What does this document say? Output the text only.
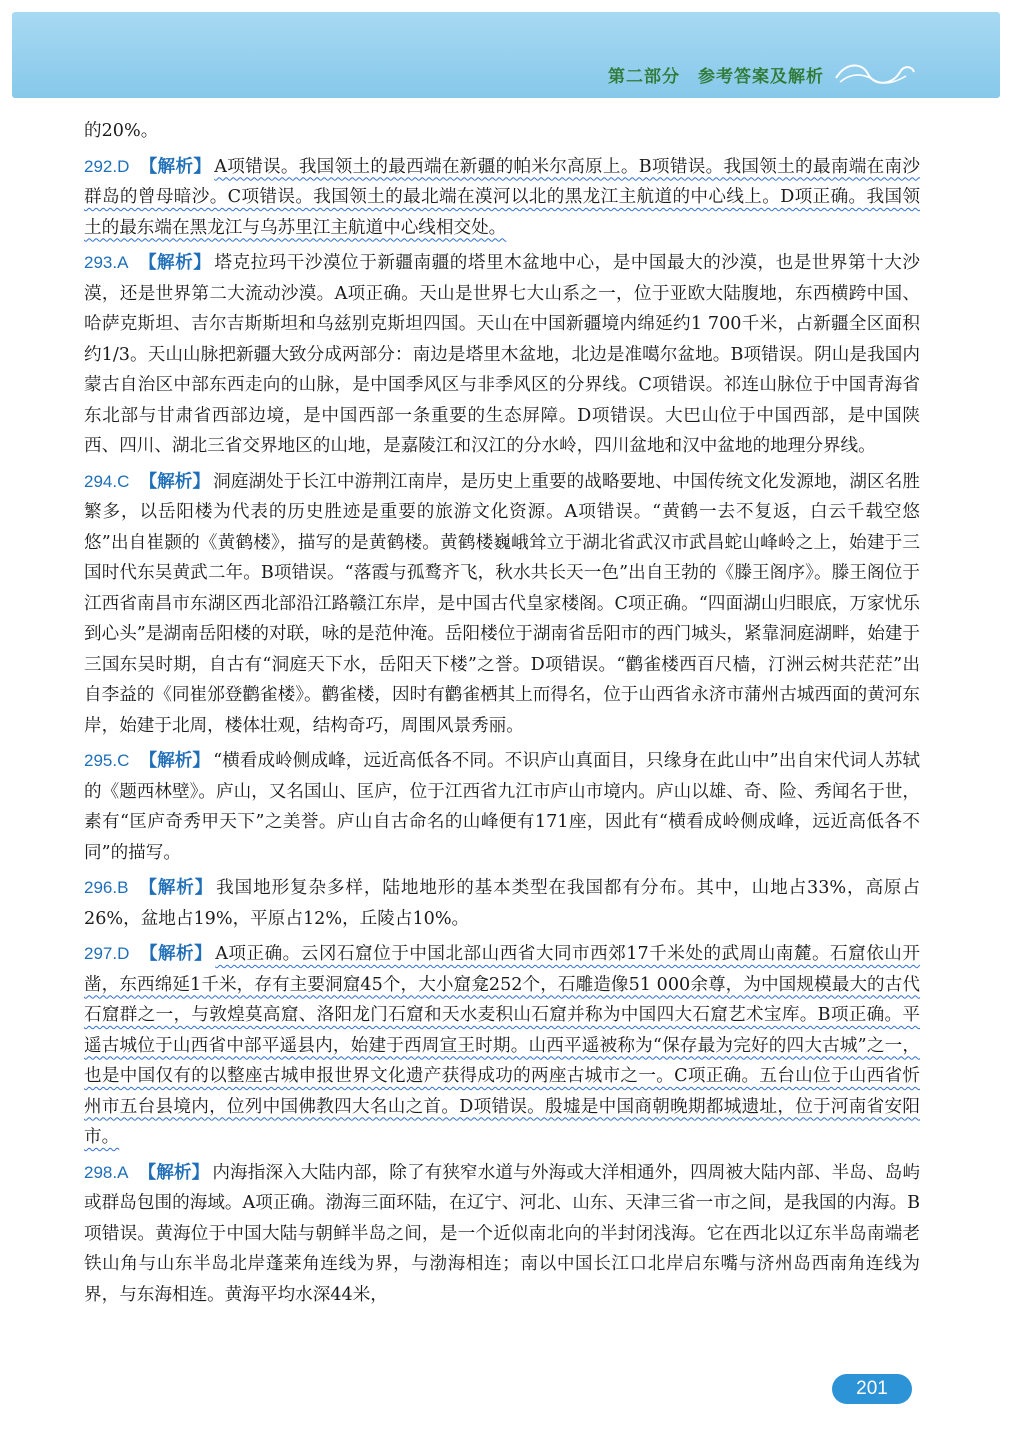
第二部分　参考答案及解析
的20%。
292.D 【解析】 A项错误。我国领土的最西端在新疆的帕米尔高原上。B项错误。我国领土的最南端在南沙群岛的曾母暗沙。C项错误。我国领土的最北端在漠河以北的黑龙江主航道的中心线上。D项正确。我国领土的最东端在黑龙江与乌苏里江主航道中心线相交处。
293.A 【解析】 塔克拉玛干沙漠位于新疆南疆的塔里木盆地中心，是中国最大的沙漠，也是世界第十大沙漠，还是世界第二大流动沙漠。A项正确。天山是世界七大山系之一，位于亚欧大陆腹地，东西横跨中国、哈萨克斯坦、吉尔吉斯斯坦和乌兹别克斯坦四国。天山在中国新疆境内绵延约1 700千米，占新疆全区面积约1/3。天山山脉把新疆大致分成两部分：南边是塔里木盆地，北边是准噶尔盆地。B项错误。阴山是我国内蒙古自治区中部东西走向的山脉，是中国季风区与非季风区的分界线。C项错误。祁连山脉位于中国青海省东北部与甘肃省西部边境，是中国西部一条重要的生态屏障。D项错误。大巴山位于中国西部，是中国陕西、四川、湖北三省交界地区的山地，是嘉陵江和汉江的分水岭，四川盆地和汉中盆地的地理分界线。
294.C 【解析】 洞庭湖处于长江中游荆江南岸，是历史上重要的战略要地、中国传统文化发源地，湖区名胜繁多，以岳阳楼为代表的历史胜迹是重要的旅游文化资源。A项错误。“黄鹤一去不复返，白云千载空悠悠”出自崔颢的《黄鹤楼》，描写的是黄鹤楼。黄鹤楼巍峨耸立于湖北省武汉市武昌蛇山峰岭之上，始建于三国时代东吴黄武二年。B项错误。“落霞与孤鹜齐飞，秋水共长天一色”出自王勃的《滕王阁序》。滕王阁位于江西省南昌市东湖区西北部沿江路赣江东岸，是中国古代皇家楼阁。C项正确。“四面湖山归眼底，万家忧乐到心头”是湖南岳阳楼的对联，咏的是范仲淹。岳阳楼位于湖南省岳阳市的西门城头，紧靠洞庭湖畔，始建于三国东吴时期，自古有“洞庭天下水，岳阳天下楼”之誉。D项错误。“鹳雀楼西百尺樯，汀洲云树共茫茫”出自李益的《同崔邠登鹳雀楼》。鹳雀楼，因时有鹳雀栖其上而得名，位于山西省永济市蒲州古城西面的黄河东岸，始建于北周，楼体壮观，结构奇巧，周围风景秀丽。
295.C 【解析】 “横看成岭侧成峰，远近高低各不同。不识庐山真面目，只缘身在此山中”出自宋代词人苏轼的《题西林壁》。庐山，又名国山、匡庐，位于江西省九江市庐山市境内。庐山以雄、奇、险、秀闻名于世，素有“匡庐奇秀甲天下”之美誉。庐山自古命名的山峰便有171座，因此有“横看成岭侧成峰，远近高低各不同”的描写。
296.B 【解析】 我国地形复杂多样，陆地地形的基本类型在我国都有分布。其中，山地占33%，高原占26%，盆地占19%，平原占12%，丘陵占10%。
297.D 【解析】 A项正确。云冈石窟位于中国北部山西省大同市西郊17千米处的武周山南麓。石窟依山开凿，东西绵延1千米，存有主要洞窟45个，大小窟龛252个，石雕造像51 000余尊，为中国规模最大的古代石窟群之一，与敦煌莫高窟、洛阳龙门石窟和天水麦积山石窟并称为中国四大石窟艺术宝库。B项正确。平遥古城位于山西省中部平遥县内，始建于西周宣王时期。山西平遥被称为“保存最为完好的四大古城”之一，也是中国仅有的以整座古城申报世界文化遗产获得成功的两座古城市之一。C项正确。五台山位于山西省忻州市五台县境内，位列中国佛教四大名山之首。D项错误。殷墟是中国商朝晚期都城遗址，位于河南省安阳市。
298.A 【解析】 内海指深入大陆内部，除了有狭窄水道与外海或大洋相通外，四周被大陆内部、半岛、岛屿或群岛包围的海域。A项正确。渤海三面环陆，在辽宁、河北、山东、天津三省一市之间，是我国的内海。B项错误。黄海位于中国大陆与朝鲜半岛之间，是一个近似南北向的半封闭浅海。它在西北以辽东半岛南端老铁山角与山东半岛北岸蓬莱角连线为界，与渤海相连；南以中国长江口北岸启东嘴与济州岛西南角连线为界，与东海相连。黄海平均水深44米，
201
